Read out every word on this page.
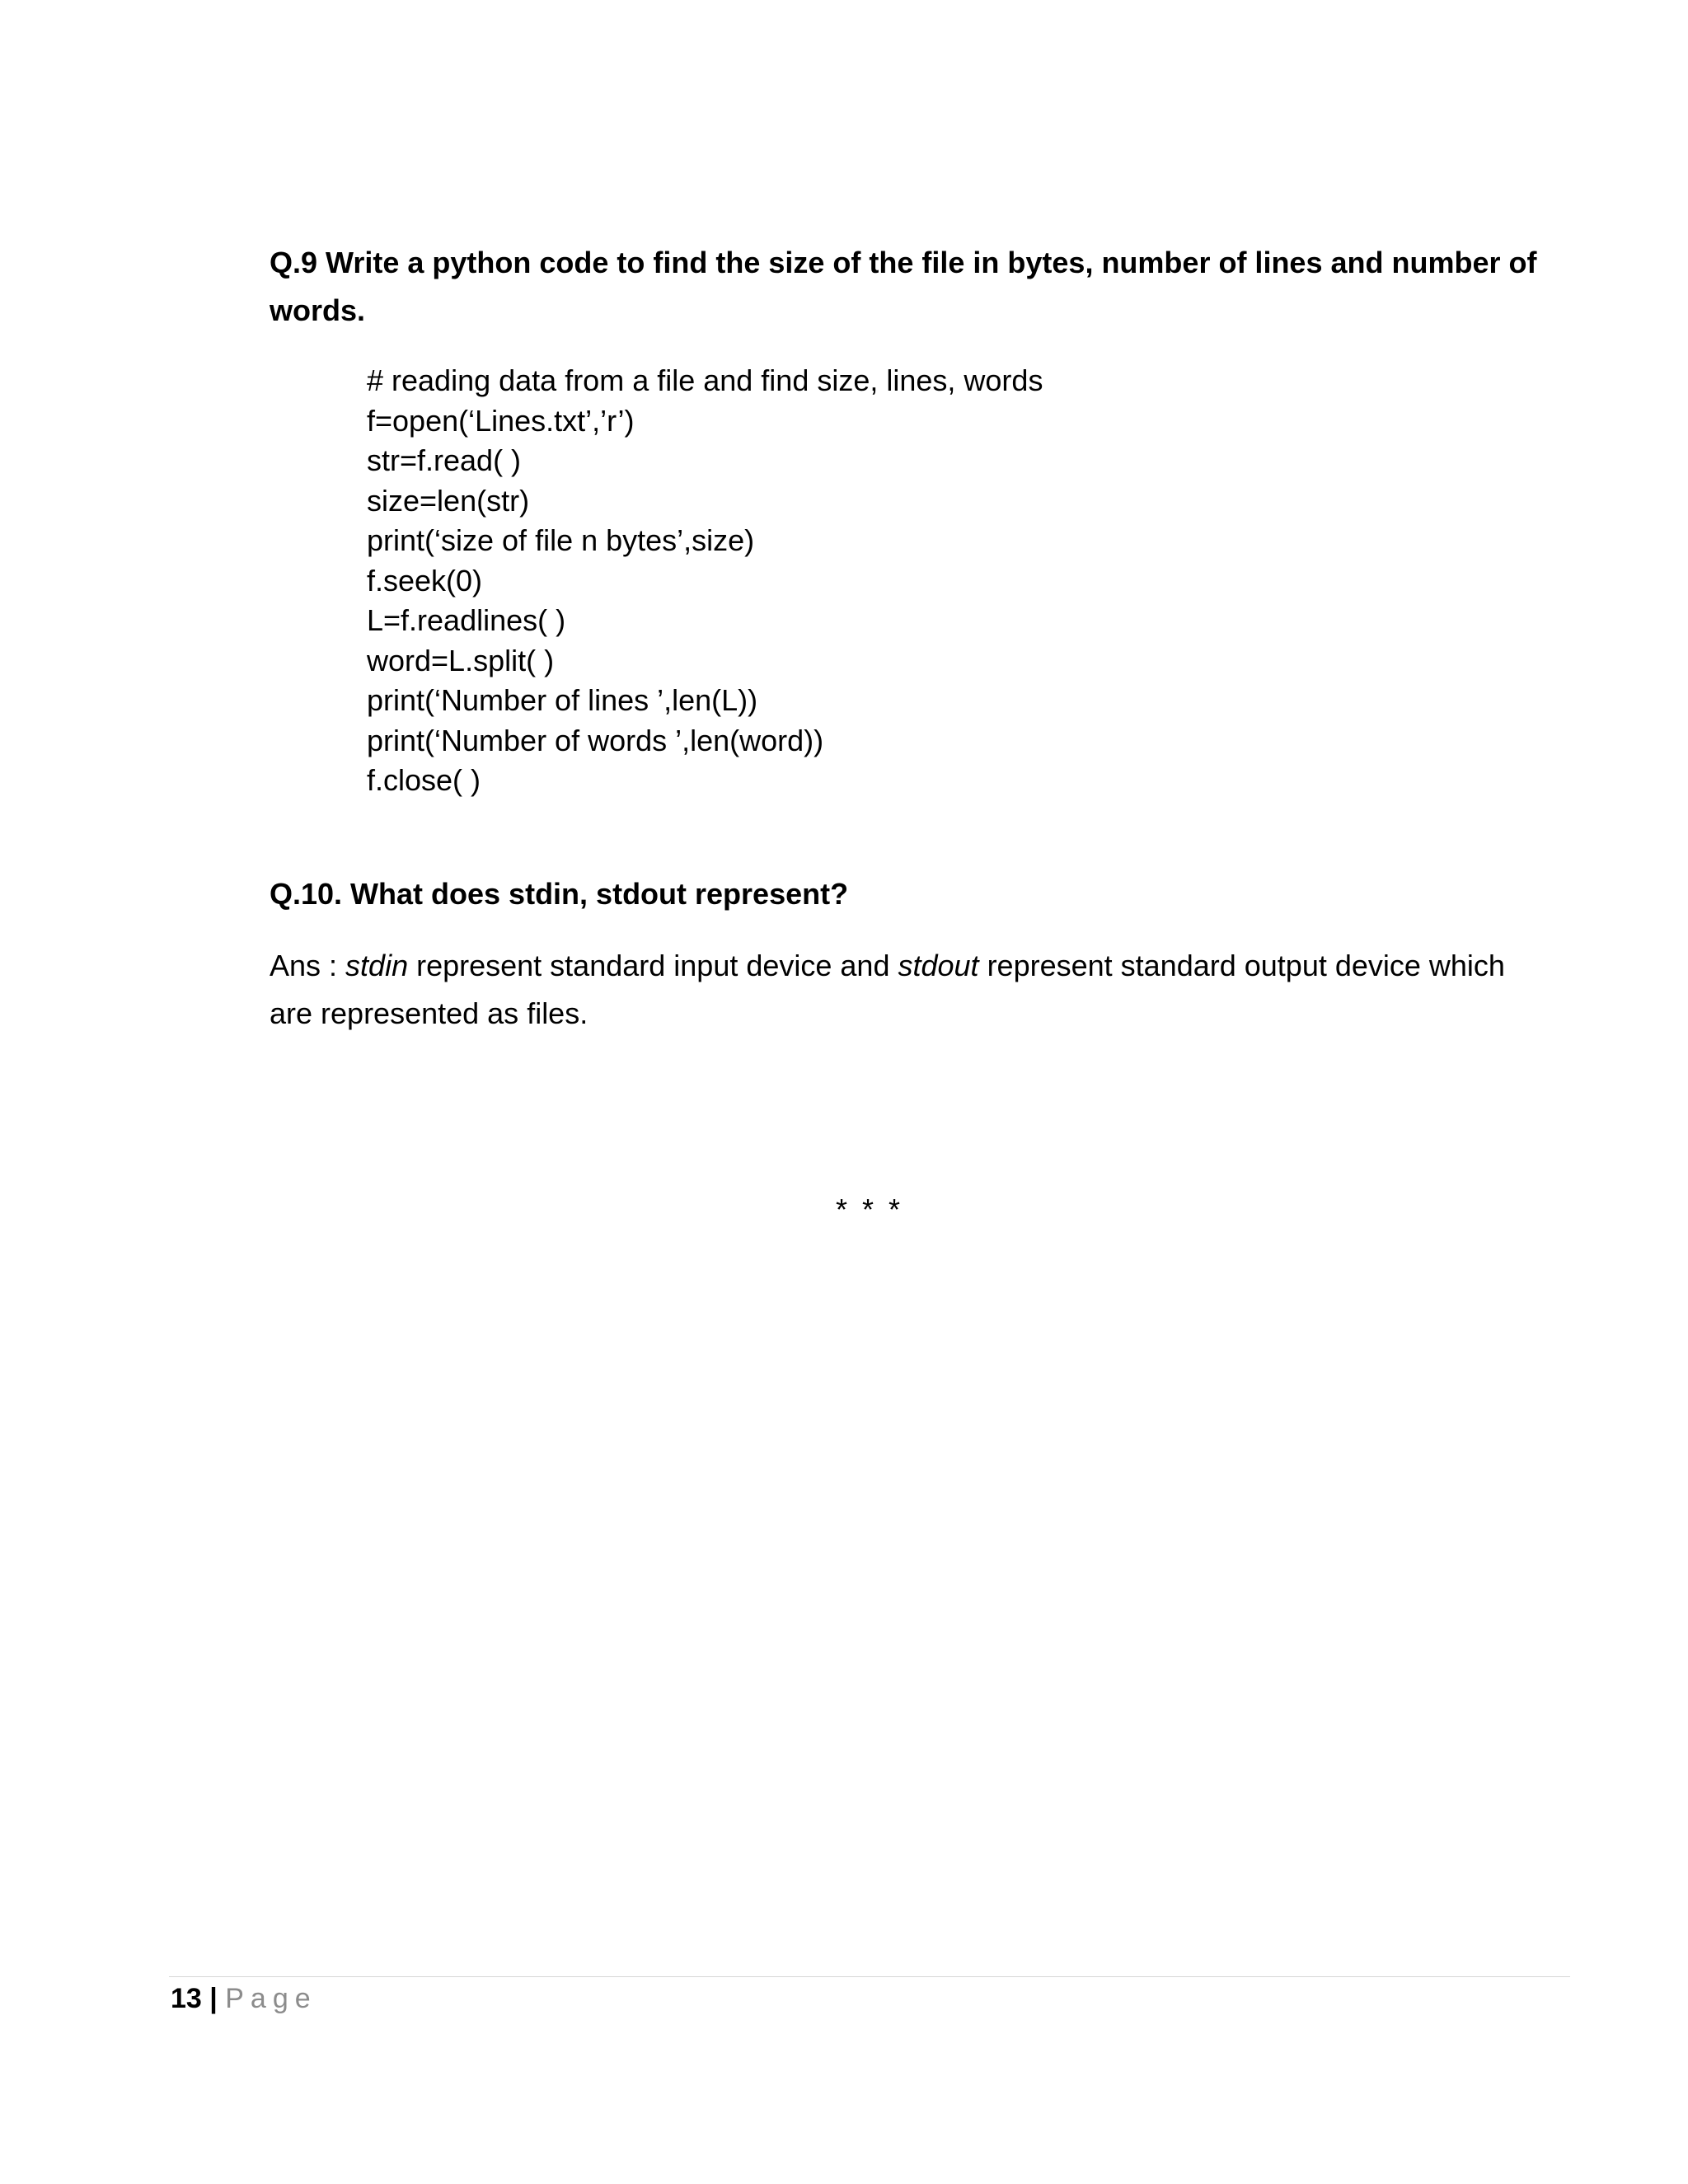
Q.9 Write a python code to find the size of the file in bytes, number of lines and number of words.

# reading data from a file and find size, lines, words
f=open(‘Lines.txt’,’r’)
str=f.read( )
size=len(str)
print(‘size of file n bytes’,size)
f.seek(0)
L=f.readlines( )
word=L.split( )
print(‘Number of lines ’,len(L))
print(‘Number of words ’,len(word))
f.close( )

Q.10. What does stdin, stdout represent?

Ans : stdin represent standard input device and stdout represent standard output device which are represented as files.

* * *
13 | Page
